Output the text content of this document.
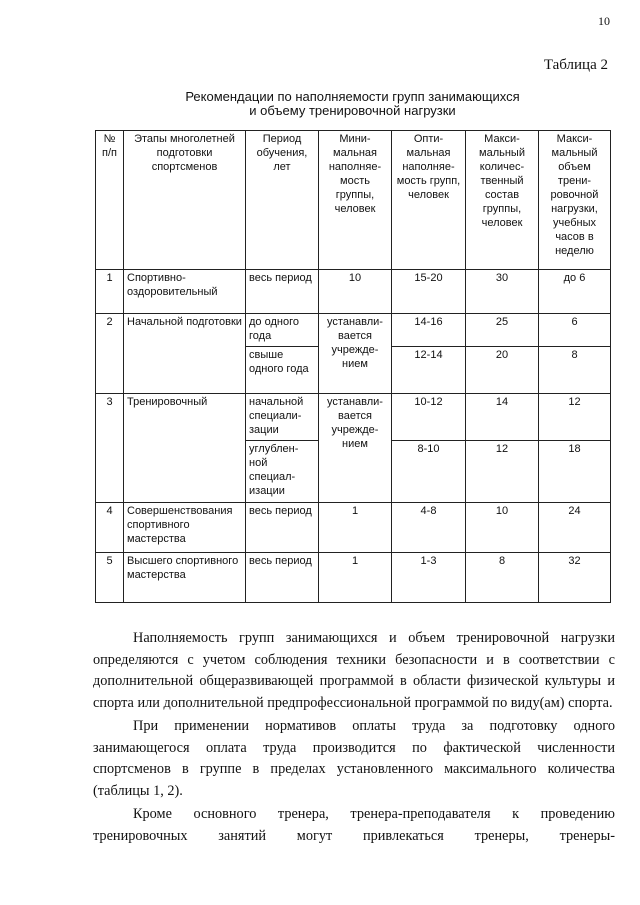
10
Таблица 2
Рекомендации по наполняемости групп занимающихся
и объему тренировочной нагрузки
№ п/п	Этапы многолетней подготовки спортсменов	Период обучения, лет	Мини-мальная наполняе-мость группы, человек	Опти-мальная наполняе-мость групп, человек	Макси-мальный количес-твенный состав группы, человек	Макси-мальный объем трени-ровочной нагрузки, учебных часов в неделю
1	Спортивно-оздоровительный	весь период	10	15-20	30	до 6
2	Начальной подготовки	до одного года	устанавли-вается учрежде-нием	14-16	25	6
		свыше одного года		12-14	20	8
3	Тренировочный	начальной специали-зации	устанавли-вается учрежде-нием	10-12	14	12
		углублен-ной специал-изации		8-10	12	18
4	Совершенствования спортивного мастерства	весь период	1	4-8	10	24
5	Высшего спортивного мастерства	весь период	1	1-3	8	32

Наполняемость групп занимающихся и объем тренировочной нагрузки определяются с учетом соблюдения техники безопасности и в соответствии с дополнительной общеразвивающей программой в области физической культуры и спорта или дополнительной предпрофессиональной программой по виду(ам) спорта.

При применении нормативов оплаты труда за подготовку одного занимающегося оплата труда производится по фактической численности спортсменов в группе в пределах установленного максимального количества (таблицы 1, 2).

Кроме основного тренера, тренера-преподавателя к проведению тренировочных занятий могут привлекаться тренеры, тренеры-
